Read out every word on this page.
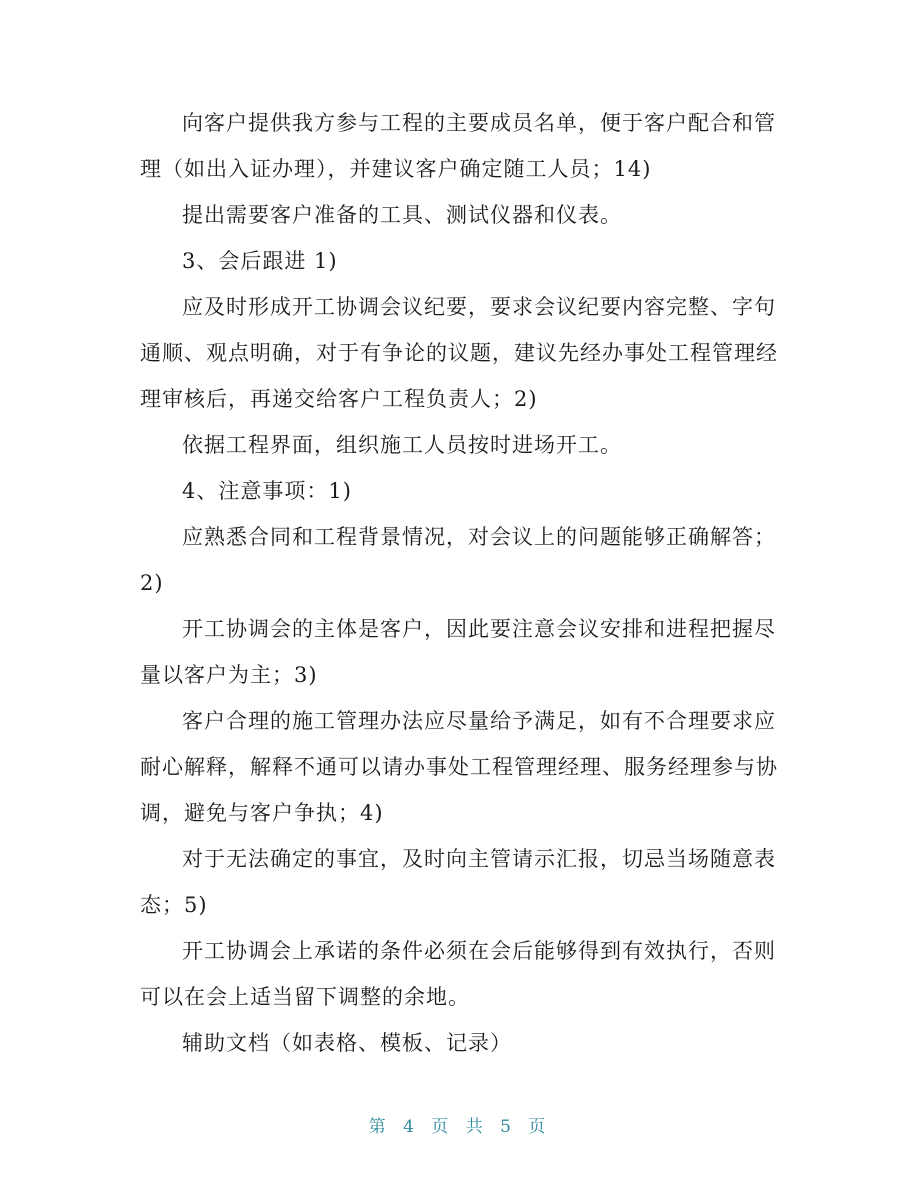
向客户提供我方参与工程的主要成员名单，便于客户配合和管理（如出入证办理），并建议客户确定随工人员；14)

提出需要客户准备的工具、测试仪器和仪表。

3、会后跟进 1)

应及时形成开工协调会议纪要，要求会议纪要内容完整、字句通顺、观点明确，对于有争论的议题，建议先经办事处工程管理经理审核后，再递交给客户工程负责人；2)

依据工程界面，组织施工人员按时进场开工。

4、注意事项：1)

应熟悉合同和工程背景情况，对会议上的问题能够正确解答；2)

开工协调会的主体是客户，因此要注意会议安排和进程把握尽量以客户为主；3)

客户合理的施工管理办法应尽量给予满足，如有不合理要求应耐心解释，解释不通可以请办事处工程管理经理、服务经理参与协调，避免与客户争执；4)

对于无法确定的事宜，及时向主管请示汇报，切忌当场随意表态；5)

开工协调会上承诺的条件必须在会后能够得到有效执行，否则可以在会上适当留下调整的余地。

辅助文档（如表格、模板、记录）

第 4 页 共 5 页
